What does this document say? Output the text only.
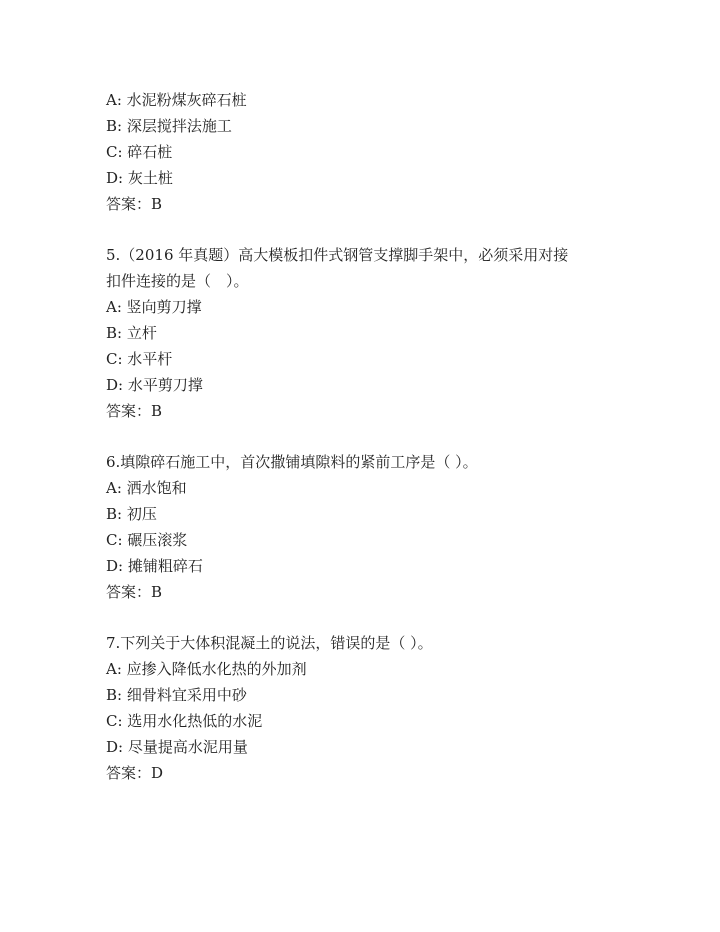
A: 水泥粉煤灰碎石桩
B: 深层搅拌法施工
C: 碎石桩
D: 灰土桩
答案：B
5.（2016 年真题）高大模板扣件式钢管支撑脚手架中，必须采用对接
扣件连接的是（　）。
A: 竖向剪刀撑
B: 立杆
C: 水平杆
D: 水平剪刀撑
答案：B
6.填隙碎石施工中，首次撒铺填隙料的紧前工序是（ ）。
A: 洒水饱和
B: 初压
C: 碾压滚浆
D: 摊铺粗碎石
答案：B
7.下列关于大体积混凝土的说法，错误的是（ ）。
A: 应掺入降低水化热的外加剂
B: 细骨料宜采用中砂
C: 选用水化热低的水泥
D: 尽量提高水泥用量
答案：D
